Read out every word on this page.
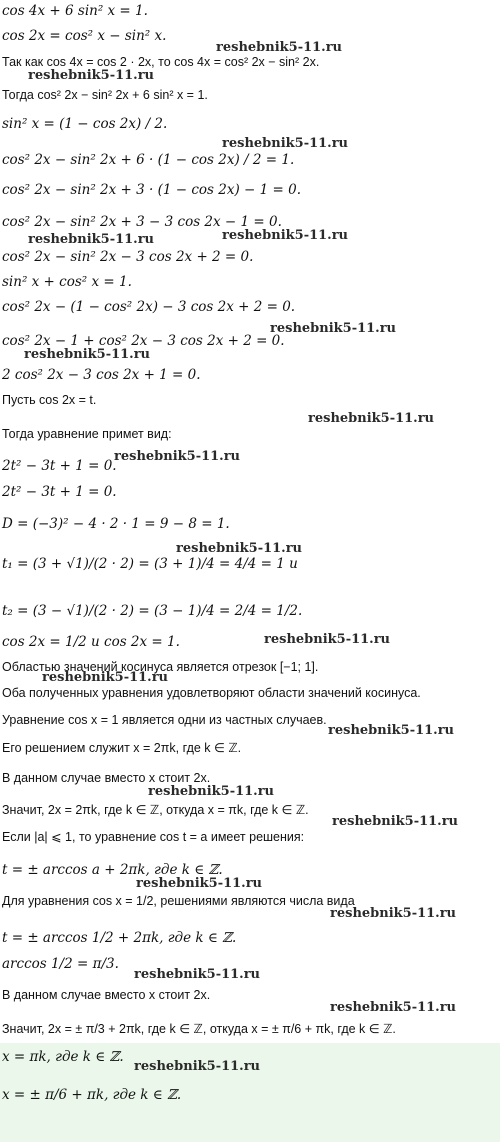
cos 4x + 6 sin² x = 1.
cos 2x = cos² x − sin² x.
Так как cos 4x = cos 2 · 2x, то cos 4x = cos² 2x − sin² 2x.
Тогда cos² 2x − sin² 2x + 6 sin² x = 1.
sin² x = (1 − cos 2x) / 2.
cos² 2x − sin² 2x + 6 · (1 − cos 2x) / 2 = 1.
cos² 2x − sin² 2x + 3 · (1 − cos 2x) − 1 = 0.
cos² 2x − sin² 2x + 3 − 3 cos 2x − 1 = 0.
cos² 2x − sin² 2x − 3 cos 2x + 2 = 0.
sin² x + cos² x = 1.
cos² 2x − (1 − cos² 2x) − 3 cos 2x + 2 = 0.
cos² 2x − 1 + cos² 2x − 3 cos 2x + 2 = 0.
2 cos² 2x − 3 cos 2x + 1 = 0.
Пусть cos 2x = t.
Тогда уравнение примет вид:
2t² − 3t + 1 = 0.
2t² − 3t + 1 = 0.
D = (−3)² − 4 · 2 · 1 = 9 − 8 = 1.
t₁ = (3 + √1)/(2 · 2) = (3 + 1)/4 = 4/4 = 1 и
t₂ = (3 − √1)/(2 · 2) = (3 − 1)/4 = 2/4 = 1/2.
cos 2x = 1/2 и cos 2x = 1.
Областью значений косинуса является отрезок [−1; 1].
Оба полученных уравнения удовлетворяют области значений косинуса.
Уравнение cos x = 1 является одни из частных случаев.
Его решением служит x = 2πk, где k ∈ ℤ.
В данном случае вместо x стоит 2x.
Значит, 2x = 2πk, где k ∈ ℤ, откуда x = πk, где k ∈ ℤ.
Если |a| ⩽ 1, то уравнение cos t = a имеет решения:
t = ± arccos a + 2πk, где k ∈ ℤ.
Для уравнения cos x = 1/2, решениями являются числа вида
t = ± arccos 1/2 + 2πk, где k ∈ ℤ.
arccos 1/2 = π/3.
В данном случае вместо x стоит 2x.
Значит, 2x = ± π/3 + 2πk, где k ∈ ℤ, откуда x = ± π/6 + πk, где k ∈ ℤ.
x = πk, где k ∈ ℤ.
x = ± π/6 + πk, где k ∈ ℤ.
reshebnik5-11.ru
reshebnik5-11.ru
reshebnik5-11.ru
reshebnik5-11.ru	reshebnik5-11.ru
reshebnik5-11.ru
reshebnik5-11.ru
reshebnik5-11.ru
reshebnik5-11.ru
reshebnik5-11.ru
reshebnik5-11.ru
reshebnik5-11.ru
reshebnik5-11.ru
reshebnik5-11.ru
reshebnik5-11.ru
reshebnik5-11.ru
reshebnik5-11.ru
reshebnik5-11.ru
reshebnik5-11.ru
reshebnik5-11.ru
